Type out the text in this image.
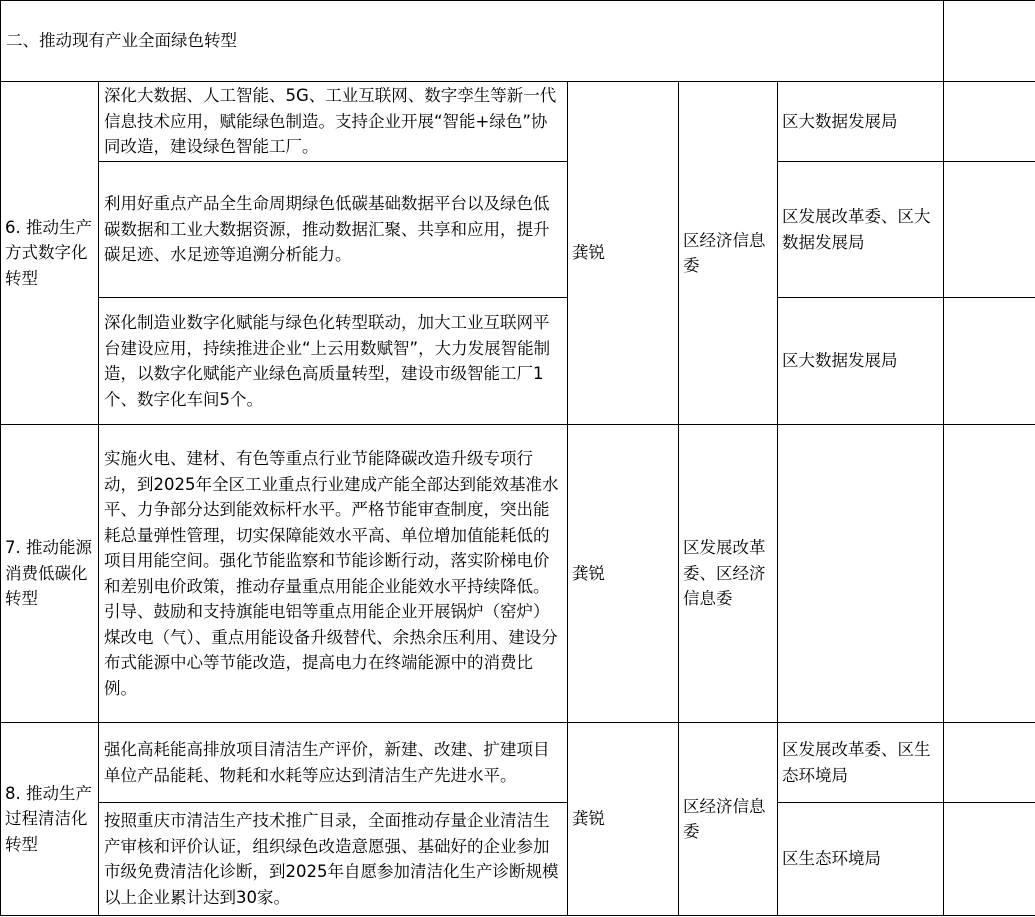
二、推动现有产业全面绿色转型					
6. 推动生产方式数字化转型	深化大数据、人工智能、5G、工业互联网、数字孪生等新一代信息技术应用，赋能绿色制造。支持企业开展“智能+绿色”协同改造，建设绿色智能工厂。	龚锐	区经济信息委	区大数据发展局	
	利用好重点产品全生命周期绿色低碳基础数据平台以及绿色低碳数据和工业大数据资源，推动数据汇聚、共享和应用，提升碳足迹、水足迹等追溯分析能力。			区发展改革委、区大数据发展局	
	深化制造业数字化赋能与绿色化转型联动，加大工业互联网平台建设应用，持续推进企业“上云用数赋智”，大力发展智能制造，以数字化赋能产业绿色高质量转型，建设市级智能工厂1个、数字化车间5个。			区大数据发展局	
7. 推动能源消费低碳化转型	实施火电、建材、有色等重点行业节能降碳改造升级专项行动，到2025年全区工业重点行业建成产能全部达到能效基准水平、力争部分达到能效标杆水平。严格节能审查制度，突出能耗总量弹性管理，切实保障能效水平高、单位增加值能耗低的项目用能空间。强化节能监察和节能诊断行动，落实阶梯电价和差别电价政策，推动存量重点用能企业能效水平持续降低。引导、鼓励和支持旗能电铝等重点用能企业开展锅炉（窑炉）煤改电（气）、重点用能设备升级替代、余热余压利用、建设分布式能源中心等节能改造，提高电力在终端能源中的消费比例。	龚锐	区发展改革委、区经济信息委		
8. 推动生产过程清洁化转型	强化高耗能高排放项目清洁生产评价，新建、改建、扩建项目单位产品能耗、物耗和水耗等应达到清洁生产先进水平。	龚锐	区经济信息委	区发展改革委、区生态环境局	
	按照重庆市清洁生产技术推广目录，全面推动存量企业清洁生产审核和评价认证，组织绿色改造意愿强、基础好的企业参加市级免费清洁化诊断，到2025年自愿参加清洁化生产诊断规模以上企业累计达到30家。			区生态环境局	
